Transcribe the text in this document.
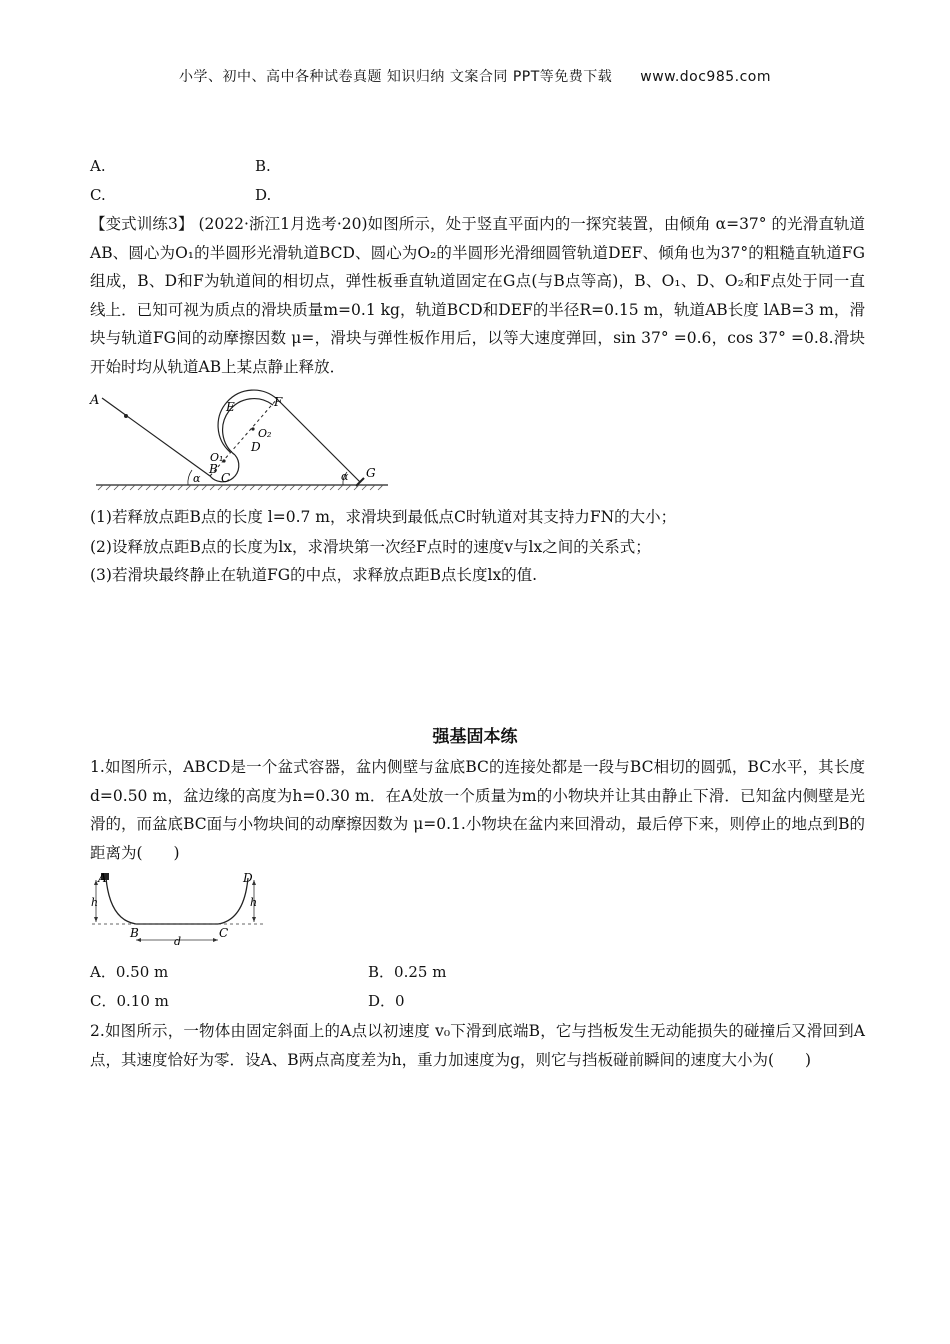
小学、初中、高中各种试卷真题 知识归纳 文案合同 PPT等免费下载 www.doc985.com
A.	B.
C.	D.
【变式训练3】 (2022·浙江1月选考·20)如图所示，处于竖直平面内的一探究装置，由倾角 α=37° 的光滑直轨道AB、圆心为O₁的半圆形光滑轨道BCD、圆心为O₂的半圆形光滑细圆管轨道DEF、倾角也为37°的粗糙直轨道FG组成，B、D和F为轨道间的相切点，弹性板垂直轨道固定在G点(与B点等高)，B、O₁、D、O₂和F点处于同一直线上．已知可视为质点的滑块质量m=0.1 kg，轨道BCD和DEF的半径R=0.15 m，轨道AB长度 lAB=3 m，滑块与轨道FG间的动摩擦因数 μ=，滑块与弹性板作用后，以等大速度弹回，sin 37° =0.6，cos 37° =0.8.滑块开始时均从轨道AB上某点静止释放．
A
B
C
D
E	F
G
O₁
O₂
α	α
(1)若释放点距B点的长度 l=0.7 m，求滑块到最低点C时轨道对其支持力FN的大小；
(2)设释放点距B点的长度为lx，求滑块第一次经F点时的速度v与lx之间的关系式；
(3)若滑块最终静止在轨道FG的中点，求释放点距B点长度lx的值.
强基固本练
1.如图所示，ABCD是一个盆式容器，盆内侧壁与盆底BC的连接处都是一段与BC相切的圆弧，BC水平，其长度 d=0.50 m，盆边缘的高度为h=0.30 m．在A处放一个质量为m的小物块并让其由静止下滑．已知盆内侧壁是光滑的，而盆底BC面与小物块间的动摩擦因数为 μ=0.1.小物块在盆内来回滑动，最后停下来，则停止的地点到B的距离为(　　)
A	D
B	C
h	h
d
A．0.50 m	B．0.25 m
C．0.10 m	D．0
2.如图所示，一物体由固定斜面上的A点以初速度 v₀下滑到底端B，它与挡板发生无动能损失的碰撞后又滑回到A点，其速度恰好为零．设A、B两点高度差为h，重力加速度为g，则它与挡板碰前瞬间的速度大小为(　　)
